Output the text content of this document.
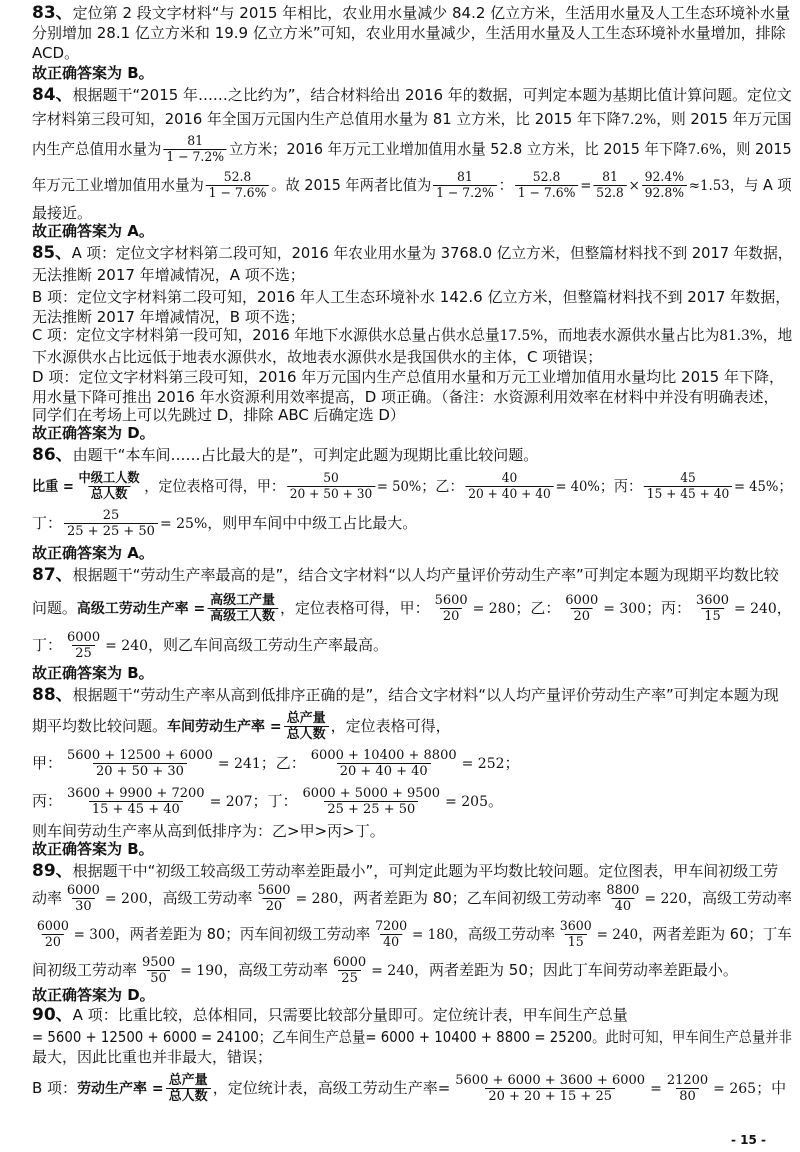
83、定位第 2 段文字材料“与 2015 年相比，农业用水量减少 84.2 亿立方米，生活用水量及人工生态环境补水量
分别增加 28.1 亿立方米和 19.9 亿立方米”可知，农业用水量减少，生活用水量及人工生态环境补水量增加，排除
ACD。
故正确答案为 B。
84、根据题干“2015 年……之比约为”，结合材料给出 2016 年的数据，可判定本题为基期比值计算问题。定位文
字材料第三段可知，2016 年全国万元国内生产总值用水量为 81 立方米，比 2015 年下降7.2%，则 2015 年万元国
内生产总值用水量为 $\frac{81}{1 - 7.2\%}$ 立方米；2016 年万元工业增加值用水量 52.8 立方米，比 2015 年下降7.6%，则 2015
年万元工业增加值用水量为 $\frac{52.8}{1 - 7.6\%}$ 。故 2015 年两者比值为 $\frac{81}{1 - 7.2\%}$ ： $\frac{52.8}{1 - 7.6\%} = \frac{81}{52.8} \times \frac{92.4\%}{92.8\%} \approx 1.53$，与 A 项
最接近。
故正确答案为 A。
85、A 项：定位文字材料第二段可知，2016 年农业用水量为 3768.0 亿立方米，但整篇材料找不到 2017 年数据，
无法推断 2017 年增减情况，A 项不选；
B 项：定位文字材料第二段可知，2016 年人工生态环境补水 142.6 亿立方米，但整篇材料找不到 2017 年数据，
无法推断 2017 年增减情况，B 项不选；
C 项：定位文字材料第一段可知，2016 年地下水源供水总量占供水总量17.5%，而地表水源供水量占比为81.3%，地
下水源供水占比远低于地表水源供水，故地表水源供水是我国供水的主体，C 项错误；
D 项：定位文字材料第三段可知，2016 年万元国内生产总值用水量和万元工业增加值用水量均比 2015 年下降，
用水量下降可推出 2016 年水资源利用效率提高，D 项正确。（备注：水资源利用效率在材料中并没有明确表述，
同学们在考场上可以先跳过 D，排除 ABC 后确定选 D）
故正确答案为 D。
86、由题干“本车间……占比最大的是”，可判定此题为现期比重比较问题。
比重 = $\frac{\text{中级工人数}}{\text{总人数}}$ ，定位表格可得，甲： $\frac{50}{20 + 50 + 30} = 50\%$；乙： $\frac{40}{20 + 40 + 40} = 40\%$；丙： $\frac{45}{15 + 45 + 40} = 45\%$；
丁： $\frac{25}{25 + 25 + 50} = 25\%$，则甲车间中中级工占比最大。
故正确答案为 A。
87、根据题干“劳动生产率最高的是”，结合文字材料“以人均产量评价劳动生产率”可判定本题为现期平均数比较
问题。高级工劳动生产率 = $\frac{\text{高级工产量}}{\text{高级工人数}}$ ，定位表格可得，甲： $\frac{5600}{20} = 280$；乙： $\frac{6000}{20} = 300$；丙： $\frac{3600}{15} = 240$，
丁： $\frac{6000}{25} = 240$，则乙车间高级工劳动生产率最高。
故正确答案为 B。
88、根据题干“劳动生产率从高到低排序正确的是”，结合文字材料“以人均产量评价劳动生产率”可判定本题为现
期平均数比较问题。车间劳动生产率 = $\frac{\text{总产量}}{\text{总人数}}$ ，定位表格可得，
甲： $\frac{5600 + 12500 + 6000}{20 + 50 + 30} = 241$；乙： $\frac{6000 + 10400 + 8800}{20 + 40 + 40} = 252$；
丙： $\frac{3600 + 9900 + 7200}{15 + 45 + 40} = 207$；丁： $\frac{6000 + 5000 + 9500}{25 + 25 + 50} = 205$。
则车间劳动生产率从高到低排序为：乙>甲>丙>丁。
故正确答案为 B。
89、根据题干中“初级工较高级工劳动率差距最小”，可判定此题为平均数比较问题。定位图表，甲车间初级工劳
动率 $\frac{6000}{30} = 200$，高级工劳动率 $\frac{5600}{20} = 280$，两者差距为 80；乙车间初级工劳动率 $\frac{8800}{40} = 220$，高级工劳动率
$\frac{6000}{20} = 300$，两者差距为 80；丙车间初级工劳动率 $\frac{7200}{40} = 180$，高级工劳动率 $\frac{3600}{15} = 240$，两者差距为 60；丁车
间初级工劳动率 $\frac{9500}{50} = 190$，高级工劳动率 $\frac{6000}{25} = 240$，两者差距为 50；因此丁车间劳动率差距最小。
故正确答案为 D。
90、A 项：比重比较，总体相同，只需要比较部分量即可。定位统计表，甲车间生产总量
= 5600 + 12500 + 6000 = 24100；乙车间生产总量= 6000 + 10400 + 8800 = 25200。此时可知，甲车间生产总量并非
最大，因此比重也并非最大，错误；
B 项：劳动生产率 = $\frac{\text{总产量}}{\text{总人数}}$ ，定位统计表，高级工劳动生产率= $\frac{5600 + 6000 + 3600 + 6000}{20 + 20 + 15 + 25} = \frac{21200}{80} = 265$；中
- 15 -
